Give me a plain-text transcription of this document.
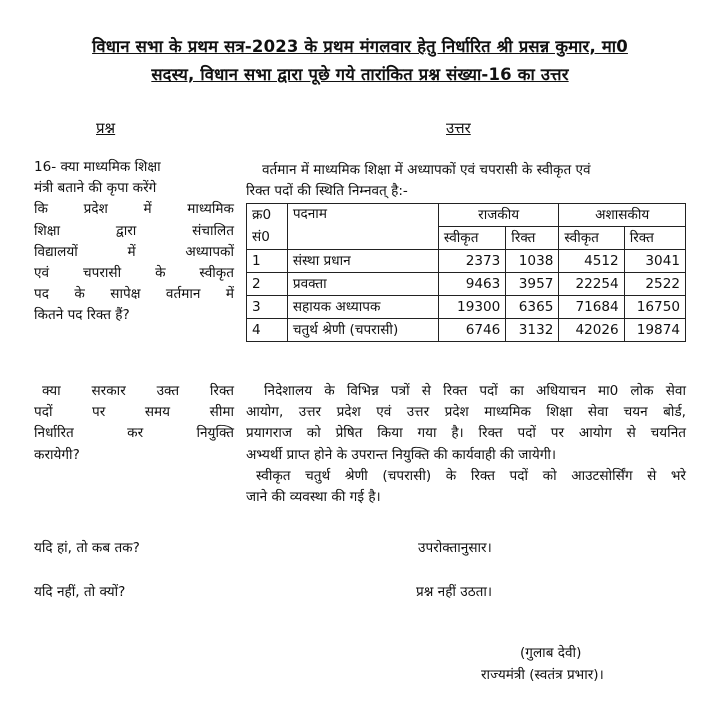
विधान सभा के प्रथम सत्र-2023 के प्रथम मंगलवार हेतु निर्धारित श्री प्रसन्न कुमार, मा0
सदस्य, विधान सभा द्वारा पूछे गये तारांकित प्रश्न संख्या-16 का उत्तर
प्रश्न	उत्तर
16- क्या माध्यमिक शिक्षा
मंत्री बताने की कृपा करेंगे
कि प्रदेश में माध्यमिक
शिक्षा द्वारा संचालित
विद्यालयों में अध्यापकों
एवं चपरासी के स्वीकृत
पद के सापेक्ष वर्तमान में
कितने पद रिक्त हैं?
वर्तमान में माध्यमिक शिक्षा में अध्यापकों एवं चपरासी के स्वीकृत एवं
रिक्त पदों की स्थिति निम्नवत् है:-
क्र0
सं0	पदनाम	राजकीय		अशासकीय	
		स्वीकृत	रिक्त	स्वीकृत	रिक्त
1	संस्था प्रधान	2373	1038	4512	3041
2	प्रवक्ता	9463	3957	22254	2522
3	सहायक अध्यापक	19300	6365	71684	16750
4	चतुर्थ श्रेणी (चपरासी)	6746	3132	42026	19874
क्या सरकार उक्त रिक्त
पदों पर समय सीमा
निर्धारित कर नियुक्ति
करायेगी?
निदेशालय के विभिन्न पत्रों से रिक्त पदों का अधियाचन मा0 लोक सेवा
आयोग, उत्तर प्रदेश एवं उत्तर प्रदेश माध्यमिक शिक्षा सेवा चयन बोर्ड,
प्रयागराज को प्रेषित किया गया है। रिक्त पदों पर आयोग से चयनित
अभ्यर्थी प्राप्त होने के उपरान्त नियुक्ति की कार्यवाही की जायेगी।
स्वीकृत चतुर्थ श्रेणी (चपरासी) के रिक्त पदों को आउटसोर्सिंग से भरे
जाने की व्यवस्था की गई है।
यदि हां, तो कब तक?	उपरोक्तानुसार।
यदि नहीं, तो क्यों?	प्रश्न नहीं उठता।
(गुलाब देवी)
राज्यमंत्री (स्वतंत्र प्रभार)।
